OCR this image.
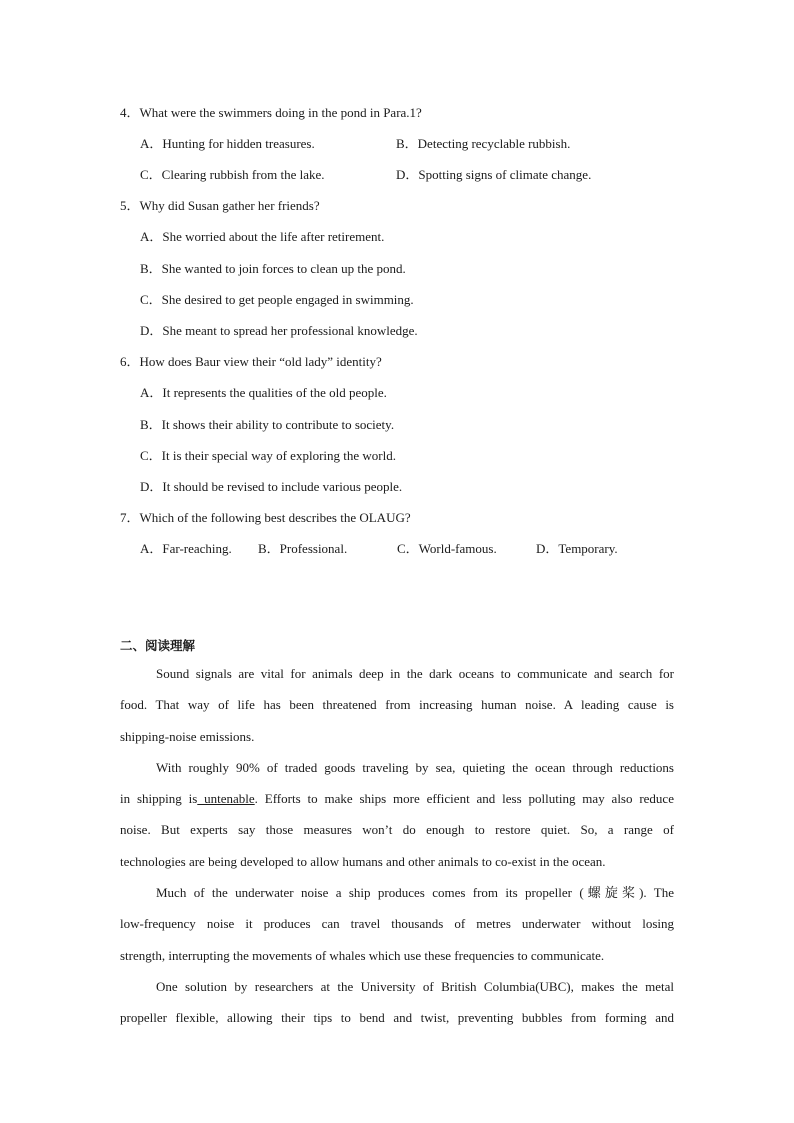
4．What were the swimmers doing in the pond in Para.1?
A．Hunting for hidden treasures.	B．Detecting recyclable rubbish.
C．Clearing rubbish from the lake.	D．Spotting signs of climate change.
5．Why did Susan gather her friends?
A．She worried about the life after retirement.
B．She wanted to join forces to clean up the pond.
C．She desired to get people engaged in swimming.
D．She meant to spread her professional knowledge.
6．How does Baur view their “old lady” identity?
A．It represents the qualities of the old people.
B．It shows their ability to contribute to society.
C．It is their special way of exploring the world.
D．It should be revised to include various people.
7．Which of the following best describes the OLAUG?
A．Far-reaching. B．Professional.	C．World-famous.	D．Temporary.
二、阅读理解

Sound signals are vital for animals deep in the dark oceans to communicate and search for
food. That way of life has been threatened from increasing human noise. A leading cause is
shipping-noise emissions.

With roughly 90% of traded goods traveling by sea, quieting the ocean through reductions
in shipping is untenable. Efforts to make ships more efficient and less polluting may also reduce
noise. But experts say those measures won’t do enough to restore quiet. So, a range of
technologies are being developed to allow humans and other animals to co-exist in the ocean.

Much of the underwater noise a ship produces comes from its propeller (螺旋桨). The
low-frequency noise it produces can travel thousands of metres underwater without losing
strength, interrupting the movements of whales which use these frequencies to communicate.

One solution by researchers at the University of British Columbia(UBC), makes the metal
propeller flexible, allowing their tips to bend and twist, preventing bubbles from forming and
